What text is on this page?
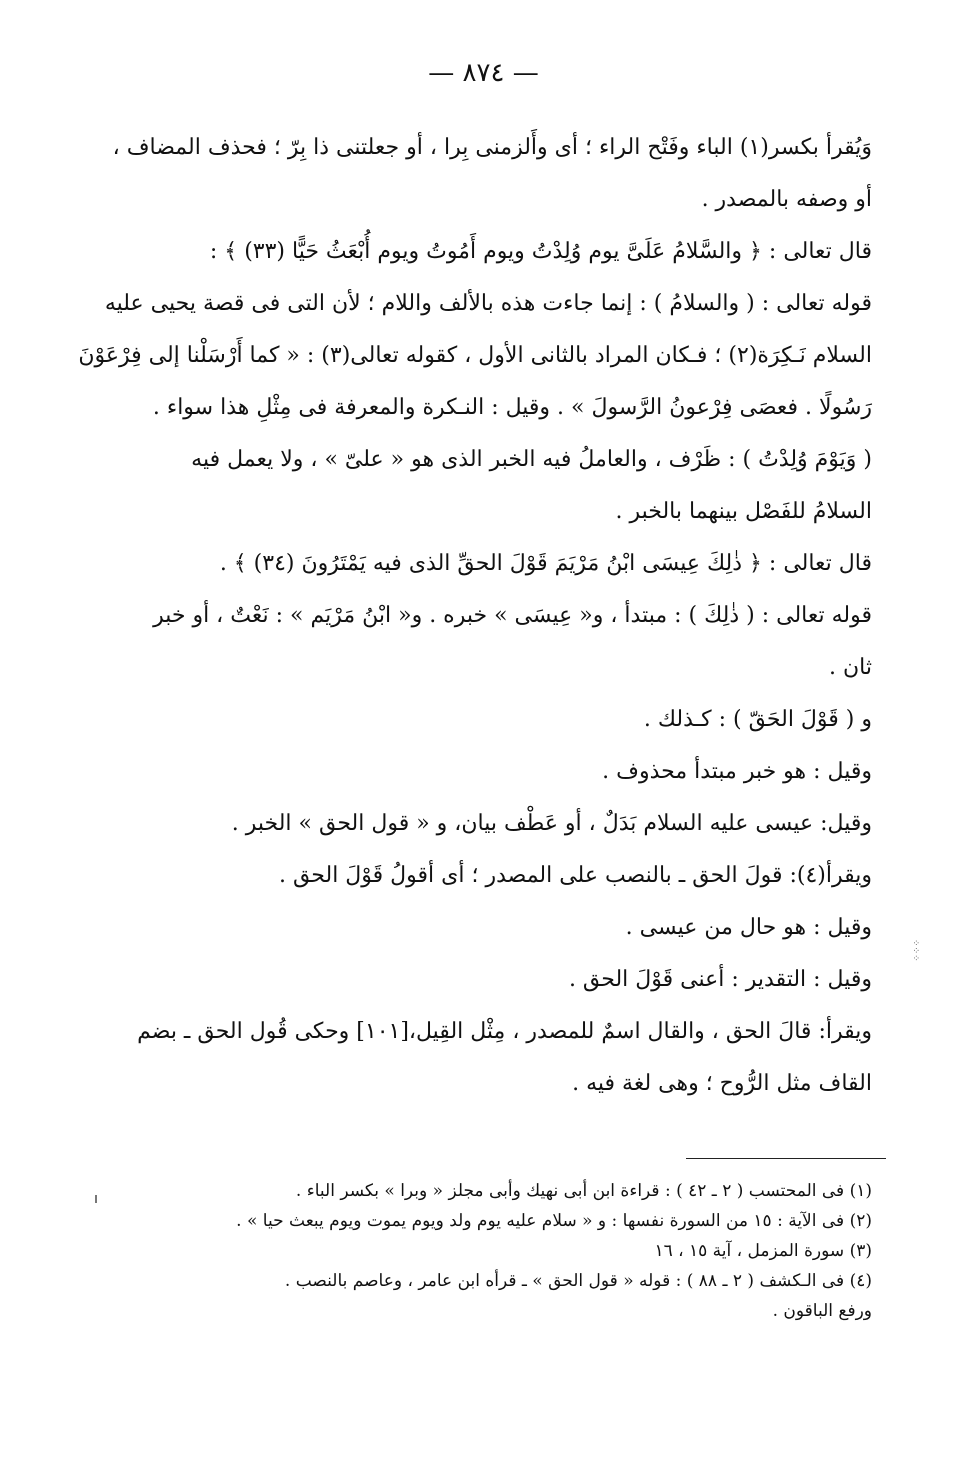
— ٨٧٤ —
وَيُقرأ بكسر(١) الباء وفَتْح الراء ؛ أى وأَلزمنى بِرا ، أو جعلتنى ذا بِرّ ؛ فحذف المضاف ،
أو وصفه بالمصدر .
قال تعالى : ﴿ والسَّلامُ عَلَىَّ يوم وُلِدْتُ ويوم أَمُوتُ ويوم أُبْعَثُ حَيًّا (٣٣) ﴾ :
قوله تعالى : ( والسلامُ ) : إنما جاءت هذه بالألف واللام ؛ لأن التى فى قصة يحيى عليه
السلام نَـكِرَة(٢) ؛ فـكان المراد بالثانى الأول ، كقوله تعالى(٣) : « كما أَرْسَلْنا إلى فِرْعَوْنَ
رَسُولًا . فعصَى فِرْعونُ الرَّسولَ » . وقيل : النـكرة والمعرفة فى مِثْلِ هذا سواء .
( وَيَوْمَ وُلِدْتُ ) : ظَرْف ، والعاملُ فيه الخبر الذى هو « علىّ » ، ولا يعمل فيه
السلامُ للفَصْل بينهما بالخبر .
قال تعالى : ﴿ ذٰلِكَ عِيسَى ابْنُ مَرْيَمَ قَوْلَ الحقِّ الذى فيه يَمْتَرُونَ (٣٤) ﴾ .
قوله تعالى : ( ذٰلِكَ ) : مبتدأ ، و« عِيسَى » خبره . و« ابْنُ مَرْيَم » : نَعْتٌ ، أو خبر
ثان .
و ( قَوْلَ الحَقّ ) : كـذلك .
وقيل : هو خبر مبتدأ محذوف .
وقيل: عيسى عليه السلام بَدَلٌ ، أو عَطْف بيان، و « قول الحق » الخبر .
ويقرأ(٤): قولَ الحق ـ بالنصب على المصدر ؛ أى أقولُ قَوْلَ الحق .
وقيل : هو حال من عيسى .
وقيل : التقدير : أعنى قَوْلَ الحق .
ويقرأ: قالَ الحق ، والقال اسمٌ للمصدر ، مِثْل القِيل،[١٠١] وحكى قُول الحق ـ بضم
القاف مثل الرُّوح ؛ وهى لغة فيه .
⁘⁘⁘
(١) فى المحتسب ( ٢ ـ ٤٢ ) : قراءة ابن أبى نهيك وأبى مجلز « وبرا » بكسر الباء .
(٢) فى الآية : ١٥ من السورة نفسها : و « سلام عليه يوم ولد ويوم يموت ويوم يبعث حيا » .
(٣) سورة المزمل ، آية ١٥ ، ١٦
(٤) فى الـكشف ( ٢ ـ ٨٨ ) : قوله « قول الحق » ـ قرأه ابن عامر ، وعاصم بالنصب .
ورفع الباقون .
